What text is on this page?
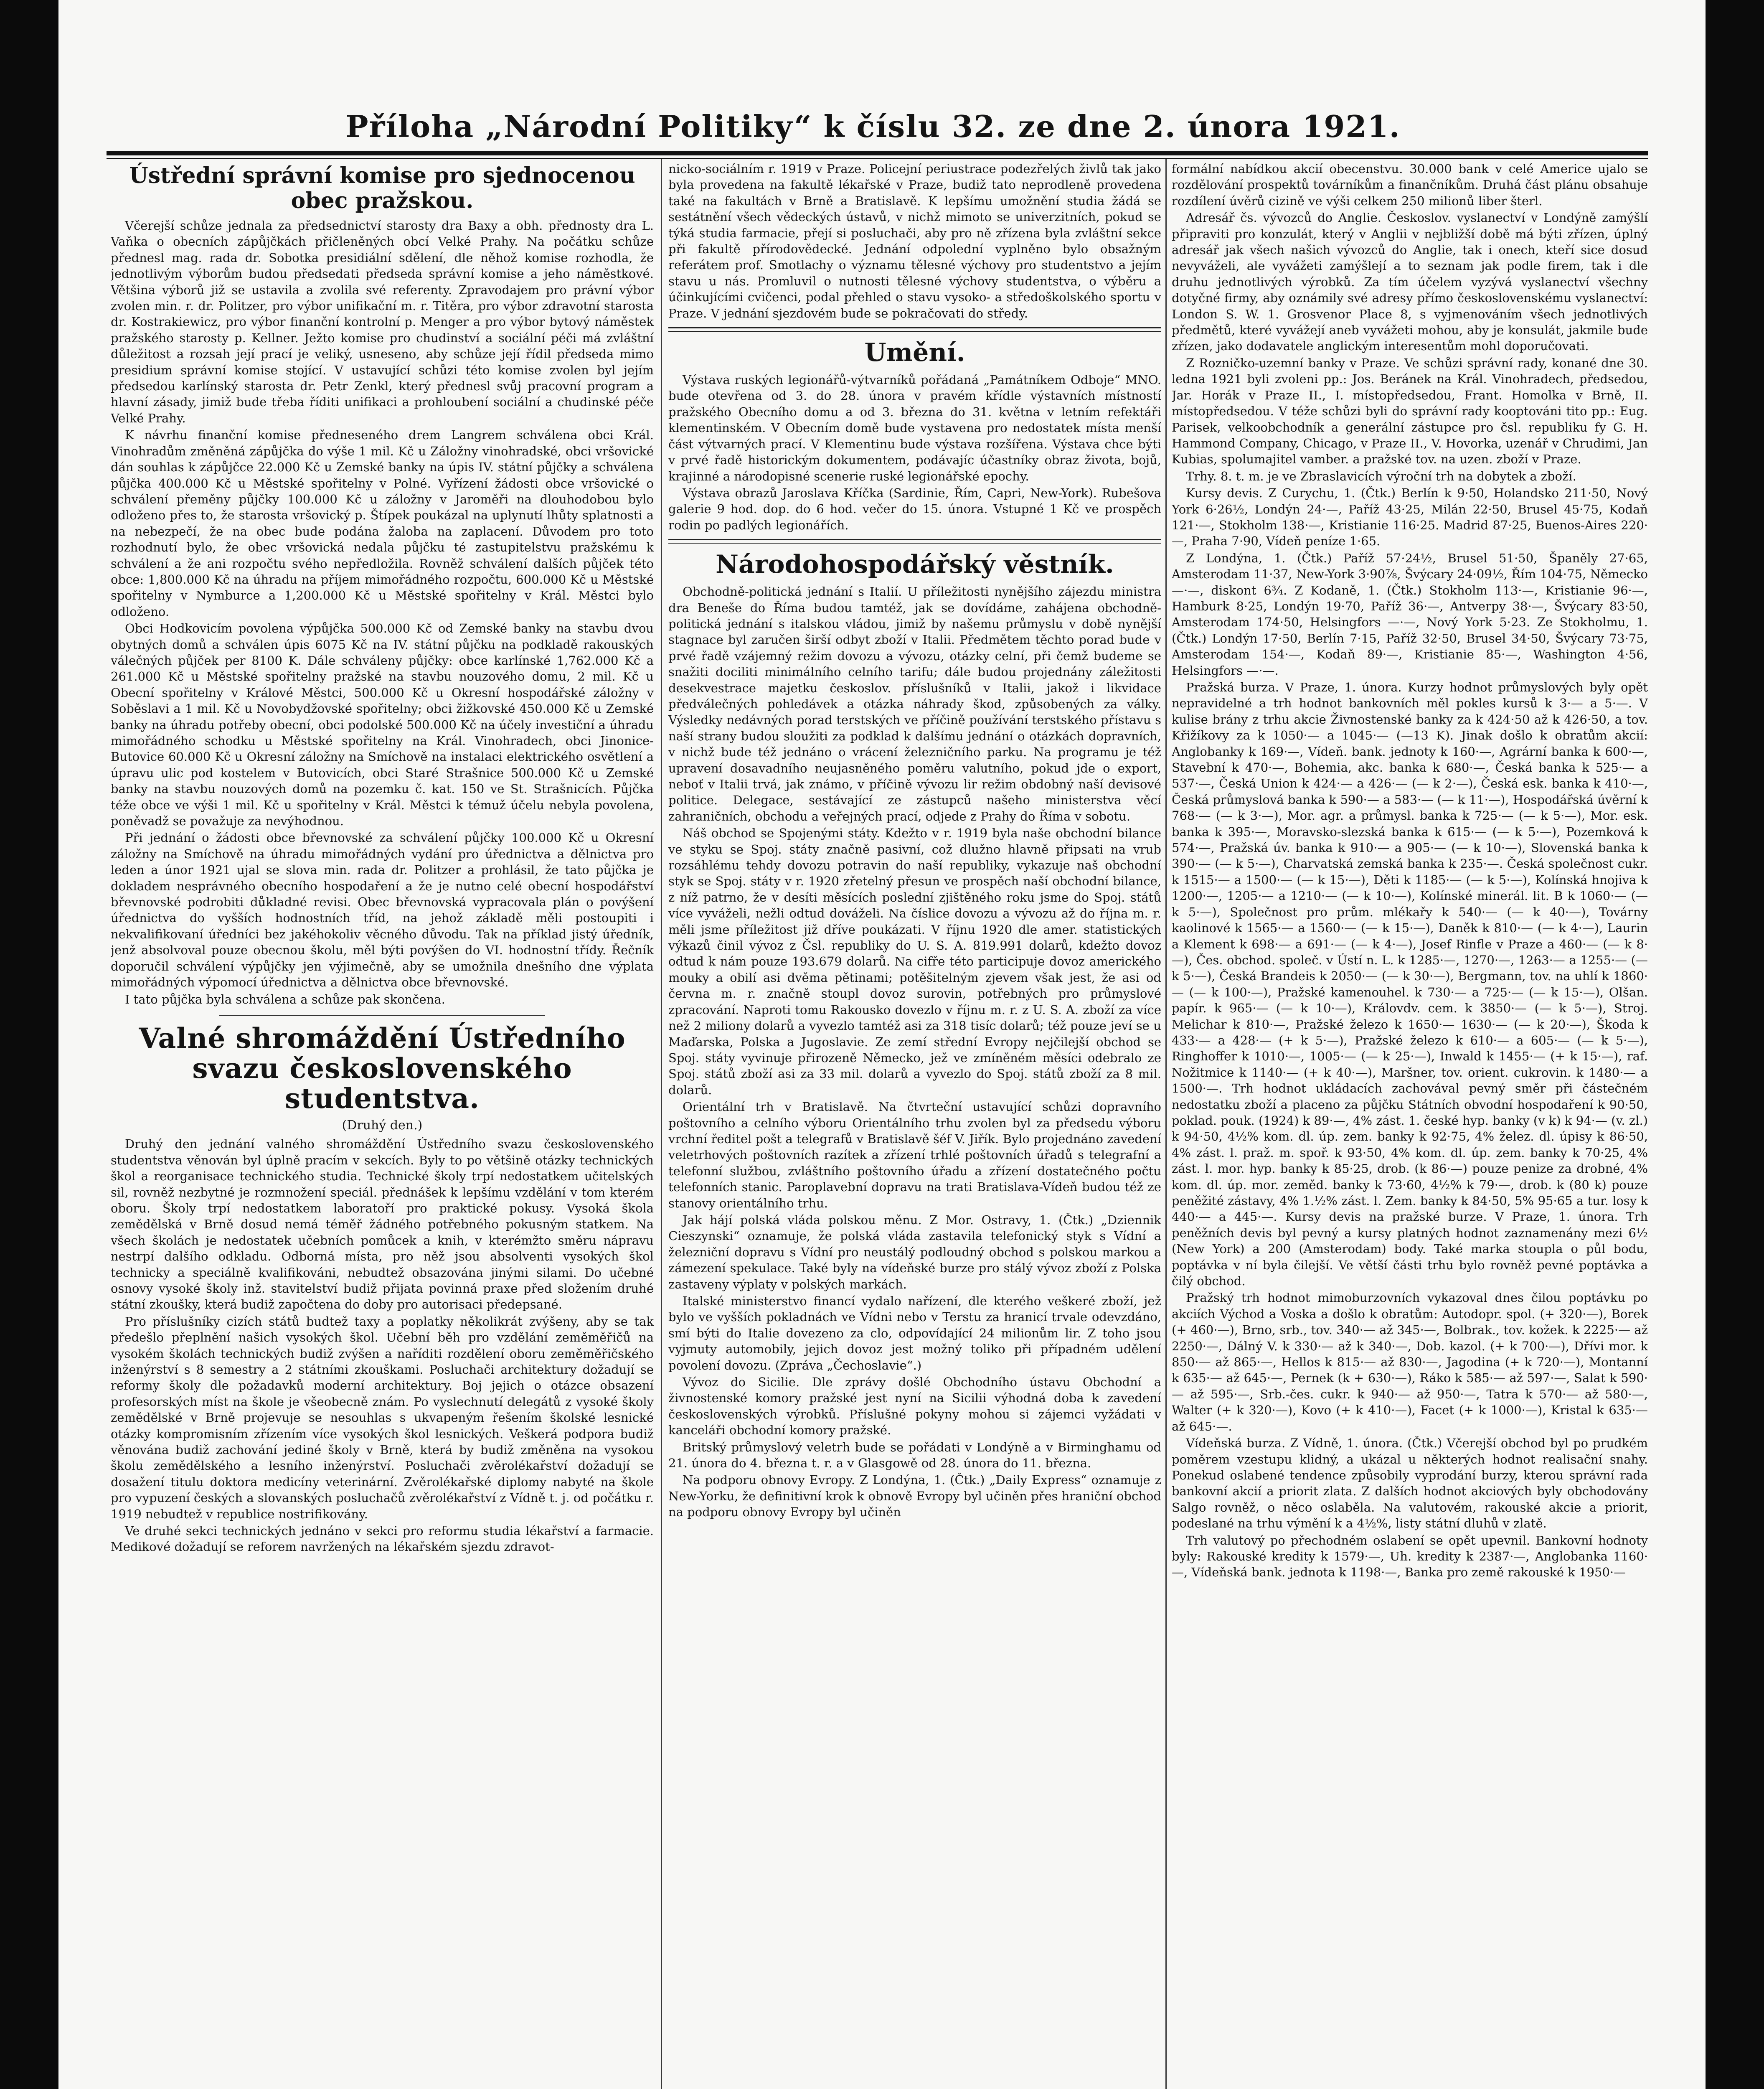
Příloha „Národní Politiky“ k číslu 32. ze dne 2. února 1921.
Ústřední správní komise pro sjednocenou obec pražskou.

Včerejší schůze jednala za předsednictví starosty dra Baxy a obh. přednosty dra L. Vaňka o obecních zápůjčkách přičleněných obcí Velké Prahy. Na počátku schůze přednesl mag. rada dr. Sobotka presidiální sdělení, dle něhož komise rozhodla, že jednotlivým výborům budou předsedati předseda správní komise a jeho náměstkové. Většina výborů již se ustavila a zvolila své referenty. Zpravodajem pro právní výbor zvolen min. r. dr. Politzer, pro výbor unifikační m. r. Titěra, pro výbor zdravotní starosta dr. Kostrakiewicz, pro výbor finanční kontrolní p. Menger a pro výbor bytový náměstek pražského starosty p. Kellner. Ježto komise pro chudinství a sociální péči má zvláštní důležitost a rozsah její prací je veliký, usneseno, aby schůze její řídil předseda mimo presidium správní komise stojící. V ustavující schůzi této komise zvolen byl jejím předsedou karlínský starosta dr. Petr Zenkl, který přednesl svůj pracovní program a hlavní zásady, jimiž bude třeba říditi unifikaci a prohloubení sociální a chudinské péče Velké Prahy.

K návrhu finanční komise předneseného drem Langrem schválena obci Král. Vinohradům změněná zápůjčka do výše 1 mil. Kč u Záložny vinohradské, obci vršovické dán souhlas k zápůjčce 22.000 Kč u Zemské banky na úpis IV. státní půjčky a schválena půjčka 400.000 Kč u Městské spořitelny v Polné. Vyřízení žádosti obce vršovické o schválení přeměny půjčky 100.000 Kč u záložny v Jaroměři na dlouhodobou bylo odloženo přes to, že starosta vršovický p. Štípek poukázal na uplynutí lhůty splatnosti a na nebezpečí, že na obec bude podána žaloba na zaplacení. Důvodem pro toto rozhodnutí bylo, že obec vršovická nedala půjčku té zastupitelstvu pražskému k schválení a že ani rozpočtu svého nepředložila. Rovněž schválení dalších půjček této obce: 1,800.000 Kč na úhradu na příjem mimořádného rozpočtu, 600.000 Kč u Městské spořitelny v Nymburce a 1,200.000 Kč u Městské spořitelny v Král. Městci bylo odloženo.

Obci Hodkovicím povolena výpůjčka 500.000 Kč od Zemské banky na stavbu dvou obytných domů a schválen úpis 6075 Kč na IV. státní půjčku na podkladě rakouských válečných půjček per 8100 K. Dále schváleny půjčky: obce karlínské 1,762.000 Kč a 261.000 Kč u Městské spořitelny pražské na stavbu nouzového domu, 2 mil. Kč u Obecní spořitelny v Králové Městci, 500.000 Kč u Okresní hospodářské záložny v Soběslavi a 1 mil. Kč u Novobydžovské spořitelny; obci žižkovské 450.000 Kč u Zemské banky na úhradu potřeby obecní, obci podolské 500.000 Kč na účely investiční a úhradu mimořádného schodku u Městské spořitelny na Král. Vinohradech, obci Jinonice-Butovice 60.000 Kč u Okresní záložny na Smíchově na instalaci elektrického osvětlení a úpravu ulic pod kostelem v Butovicích, obci Staré Strašnice 500.000 Kč u Zemské banky na stavbu nouzových domů na pozemku č. kat. 150 ve St. Strašnicích. Půjčka téže obce ve výši 1 mil. Kč u spořitelny v Král. Městci k témuž účelu nebyla povolena, poněvadž se považuje za nevýhodnou.

Při jednání o žádosti obce břevnovské za schválení půjčky 100.000 Kč u Okresní záložny na Smíchově na úhradu mimořádných vydání pro úřednictva a dělnictva pro leden a únor 1921 ujal se slova min. rada dr. Politzer a prohlásil, že tato půjčka je dokladem nesprávného obecního hospodaření a že je nutno celé obecní hospodářství břevnovské podrobiti důkladné revisi. Obec břevnovská vypracovala plán o povýšení úřednictva do vyšších hodnostních tříd, na jehož základě měli postoupiti i nekvalifikovaní úředníci bez jakéhokoliv věcného důvodu. Tak na příklad jistý úředník, jenž absolvoval pouze obecnou školu, měl býti povýšen do VI. hodnostní třídy. Řečník doporučil schválení výpůjčky jen výjimečně, aby se umožnila dnešního dne výplata mimořádných výpomocí úřednictva a dělnictva obce břevnovské.

I tato půjčka byla schválena a schůze pak skončena.

Valné shromáždění Ústředního svazu československého studentstva.
(Druhý den.)

Druhý den jednání valného shromáždění Ústředního svazu československého studentstva věnován byl úplně pracím v sekcích. Byly to po většině otázky technických škol a reorganisace technického studia. Technické školy trpí nedostatkem učitelských sil, rovněž nezbytné je rozmnožení speciál. přednášek k lepšímu vzdělání v tom kterém oboru. Školy trpí nedostatkem laboratoří pro praktické pokusy. Vysoká škola zemědělská v Brně dosud nemá téměř žádného potřebného pokusným statkem. Na všech školách je nedostatek učebních pomůcek a knih, v kterémžto směru nápravu nestrpí dalšího odkladu. Odborná místa, pro něž jsou absolventi vysokých škol technicky a speciálně kvalifikováni, nebudtež obsazována jinými silami. Do učebné osnovy vysoké školy inž. stavitelství budiž přijata povinná praxe před složením druhé státní zkoušky, která budiž započtena do doby pro autorisaci předepsané.

Pro příslušníky cizích států budtež taxy a poplatky několikrát zvýšeny, aby se tak předešlo přeplnění našich vysokých škol. Učební běh pro vzdělání zeměměřičů na vysokém školách technických budiž zvýšen a naříditi rozdělení oboru zeměměřičského inženýrství s 8 semestry a 2 státními zkouškami. Posluchači architektury dožadují se reformy školy dle požadavků moderní architektury. Boj jejich o otázce obsazení profesorských míst na škole je všeobecně znám. Po vyslechnutí delegátů z vysoké školy zemědělské v Brně projevuje se nesouhlas s ukvapeným řešením školské lesnické otázky kompromisním zřízením více vysokých škol lesnických. Veškerá podpora budiž věnována budiž zachování jediné školy v Brně, která by budiž změněna na vysokou školu zemědělského a lesního inženýrství. Posluchači zvěrolékařství dožadují se dosažení titulu doktora medicíny veterinární. Zvěrolékařské diplomy nabyté na škole pro vypuzení českých a slovanských posluchačů zvěrolékařství z Vídně t. j. od počátku r. 1919 nebudtež v republice nostrifikovány.

Ve druhé sekci technických jednáno v sekci pro reformu studia lékařství a farmacie. Medikové dožadují se reforem navržených na lékařském sjezdu zdravot-

nicko-sociálním r. 1919 v Praze. Policejní periustrace podezřelých živlů tak jako byla provedena na fakultě lékařské v Praze, budiž tato neprodleně provedena také na fakultách v Brně a Bratislavě. K lepšímu umožnění studia žádá se sestátnění všech vědeckých ústavů, v nichž mimoto se univerzitních, pokud se týká studia farmacie, přejí si posluchači, aby pro ně zřízena byla zvláštní sekce při fakultě přírodovědecké. Jednání odpolední vyplněno bylo obsažným referátem prof. Smotlachy o významu tělesné výchovy pro studentstvo a jejím stavu u nás. Promluvil o nutnosti tělesné výchovy studentstva, o výběru a účinkujícími cvičenci, podal přehled o stavu vysoko- a středoškolského sportu v Praze. V jednání sjezdovém bude se pokračovati do středy.

Umění.

Výstava ruských legionářů-výtvarníků pořádaná „Památníkem Odboje“ MNO. bude otevřena od 3. do 28. února v pravém křídle výstavních místností pražského Obecního domu a od 3. března do 31. května v letním refektáři klementinském. V Obecním domě bude vystavena pro nedostatek místa menší část výtvarných prací. V Klementinu bude výstava rozšířena. Výstava chce býti v prvé řadě historickým dokumentem, podávajíc účastníky obraz života, bojů, krajinné a národopisné scenerie ruské legionářské epochy.

Výstava obrazů Jaroslava Kříčka (Sardinie, Řím, Capri, New-York). Rubešova galerie 9 hod. dop. do 6 hod. večer do 15. února. Vstupné 1 Kč ve prospěch rodin po padlých legionářích.

Národohospodářský věstník.

Obchodně-politická jednání s Italií. U příležitosti nynějšího zájezdu ministra dra Beneše do Říma budou tamtéž, jak se dovídáme, zahájena obchodně-politická jednání s italskou vládou, jimiž by našemu průmyslu v době nynější stagnace byl zaručen širší odbyt zboží v Italii. Předmětem těchto porad bude v prvé řadě vzájemný režim dovozu a vývozu, otázky celní, při čemž budeme se snažiti dociliti minimálního celního tarifu; dále budou projednány záležitosti desekvestrace majetku českoslov. příslušníků v Italii, jakož i likvidace předválečných pohledávek a otázka náhrady škod, způsobených za války. Výsledky nedávných porad terstských ve příčině používání terstského přístavu s naší strany budou sloužiti za podklad k dalšímu jednání o otázkách dopravních, v nichž bude též jednáno o vrácení železničního parku. Na programu je též upravení dosavadního neujasněného poměru valutního, pokud jde o export, neboť v Italii trvá, jak známo, v příčině vývozu lir režim obdobný naší devisové politice. Delegace, sestávající ze zástupců našeho ministerstva věcí zahraničních, obchodu a veřejných prací, odjede z Prahy do Říma v sobotu.

Náš obchod se Spojenými státy. Kdežto v r. 1919 byla naše obchodní bilance ve styku se Spoj. státy značně pasivní, což dlužno hlavně připsati na vrub rozsáhlému tehdy dovozu potravin do naší republiky, vykazuje naš obchodní styk se Spoj. státy v r. 1920 zřetelný přesun ve prospěch naší obchodní bilance, z níž patrno, že v desíti měsících poslední zjištěného roku jsme do Spoj. států více vyváželi, nežli odtud dováželi. Na číslice dovozu a vývozu až do října m. r. měli jsme příležitost již dříve poukázati. V říjnu 1920 dle amer. statistických výkazů činil vývoz z Čsl. republiky do U. S. A. 819.991 dolarů, kdežto dovoz odtud k nám pouze 193.679 dolarů. Na cifře této participuje dovoz amerického mouky a obilí asi dvěma pětinami; potěšitelným zjevem však jest, že asi od června m. r. značně stoupl dovoz surovin, potřebných pro průmyslové zpracování. Naproti tomu Rakousko dovezlo v říjnu m. r. z U. S. A. zboží za více než 2 miliony dolarů a vyvezlo tamtéž asi za 318 tisíc dolarů; též pouze jeví se u Maďarska, Polska a Jugoslavie. Ze zemí střední Evropy nejčilejší obchod se Spoj. státy vyvinuje přirozeně Německo, jež ve zmíněném měsíci odebralo ze Spoj. států zboží asi za 33 mil. dolarů a vyvezlo do Spoj. států zboží za 8 mil. dolarů.

Orientální trh v Bratislavě. Na čtvrteční ustavující schůzi dopravního poštovního a celního výboru Orientálního trhu zvolen byl za předsedu výboru vrchní ředitel pošt a telegrafů v Bratislavě šéf V. Jiřík. Bylo projednáno zavedení veletrhových poštovních razítek a zřízení trhlé poštovních úřadů s telegrafní a telefonní službou, zvláštního poštovního úřadu a zřízení dostatečného počtu telefonních stanic. Paroplavební dopravu na trati Bratislava-Vídeň budou též ze stanovy orientálního trhu.

Jak hájí polská vláda polskou měnu. Z Mor. Ostravy, 1. (Čtk.) „Dziennik Cieszynski“ oznamuje, že polská vláda zastavila telefonický styk s Vídní a železniční dopravu s Vídní pro neustálý podloudný obchod s polskou markou a zámezení spekulace. Také byly na vídeňské burze pro stálý vývoz zboží z Polska zastaveny výplaty v polských markách.

Italské ministerstvo financí vydalo nařízení, dle kterého veškeré zboží, jež bylo ve vyšších pokladnách ve Vídni nebo v Terstu za hranicí trvale odevzdáno, smí býti do Italie dovezeno za clo, odpovídající 24 milionům lir. Z toho jsou vyjmuty automobily, jejich dovoz jest možný toliko při případném udělení povolení dovozu. (Zpráva „Čechoslavie“.)

Vývoz do Sicilie. Dle zprávy došlé Obchodního ústavu Obchodní a živnostenské komory pražské jest nyní na Sicilii výhodná doba k zavedení československých výrobků. Příslušné pokyny mohou si zájemci vyžádati v kanceláři obchodní komory pražské.

Britský průmyslový veletrh bude se pořádati v Londýně a v Birminghamu od 21. února do 4. března t. r. a v Glasgowě od 28. února do 11. března.

Na podporu obnovy Evropy. Z Londýna, 1. (Čtk.) „Daily Express“ oznamuje z New-Yorku, že definitivní krok k obnově Evropy byl učiněn přes hraniční obchod na podporu obnovy Evropy byl učiněn

formální nabídkou akcií obecenstvu. 30.000 bank v celé Americe ujalo se rozdělování prospektů továrníkům a finančníkům. Druhá část plánu obsahuje rozdílení úvěrů cizině ve výši celkem 250 milionů liber šterl.

Adresář čs. vývozců do Anglie. Českoslov. vyslanectví v Londýně zamýšlí připraviti pro konzulát, který v Anglii v nejbližší době má býti zřízen, úplný adresář jak všech našich vývozců do Anglie, tak i onech, kteří sice dosud nevyváželi, ale vyvážeti zamýšlejí a to seznam jak podle firem, tak i dle druhu jednotlivých výrobků. Za tím účelem vyzývá vyslanectví všechny dotyčné firmy, aby oznámily své adresy přímo československému vyslanectví: London S. W. 1. Grosvenor Place 8, s vyjmenováním všech jednotlivých předmětů, které vyvážejí aneb vyvážeti mohou, aby je konsulát, jakmile bude zřízen, jako dodavatele anglickým interesentům mohl doporučovati.

Z Rozničko-uzemní banky v Praze. Ve schůzi správní rady, konané dne 30. ledna 1921 byli zvoleni pp.: Jos. Beránek na Král. Vinohradech, předsedou, Jar. Horák v Praze II., I. místopředsedou, Frant. Homolka v Brně, II. místopředsedou. V téže schůzi byli do správní rady kooptováni tito pp.: Eug. Parisek, velkoobchodník a generální zástupce pro čsl. republiku fy G. H. Hammond Company, Chicago, v Praze II., V. Hovorka, uzenář v Chrudimi, Jan Kubias, spolumajitel vamber. a pražské tov. na uzen. zboží v Praze.

Trhy. 8. t. m. je ve Zbraslavicích výroční trh na dobytek a zboží.

Kursy devis. Z Curychu, 1. (Čtk.) Berlín k 9·50, Holandsko 211·50, Nový York 6·26½, Londýn 24·—, Paříž 43·25, Milán 22·50, Brusel 45·75, Kodaň 121·—, Stokholm 138·—, Kristianie 116·25. Madrid 87·25, Buenos-Aires 220·—, Praha 7·90, Vídeň peníze 1·65.

Z Londýna, 1. (Čtk.) Paříž 57·24½, Brusel 51·50, Španěly 27·65, Amsterodam 11·37, New-York 3·90⅞, Švýcary 24·09½, Řím 104·75, Německo —·—, diskont 6¾. Z Kodaně, 1. (Čtk.) Stokholm 113·—, Kristianie 96·—, Hamburk 8·25, Londýn 19·70, Paříž 36·—, Antverpy 38·—, Švýcary 83·50, Amsterodam 174·50, Helsingfors —·—, Nový York 5·23. Ze Stokholmu, 1. (Čtk.) Londýn 17·50, Berlín 7·15, Paříž 32·50, Brusel 34·50, Švýcary 73·75, Amsterodam 154·—, Kodaň 89·—, Kristianie 85·—, Washington 4·56, Helsingfors —·—.

Pražská burza. V Praze, 1. února. Kurzy hodnot průmyslových byly opět nepravidelné a trh hodnot bankovních měl pokles kursů k 3·— a 5·—. V kulise brány z trhu akcie Živnostenské banky za k 424·50 až k 426·50, a tov. Křižíkovy za k 1050·— a 1045·— (—13 K). Jinak došlo k obratům akcií: Anglobanky k 169·—, Vídeň. bank. jednoty k 160·—, Agrární banka k 600·—, Stavební k 470·—, Bohemia, akc. banka k 680·—, Česká banka k 525·— a 537·—, Česká Union k 424·— a 426·— (— k 2·—), Česká esk. banka k 410·—, Česká průmyslová banka k 590·— a 583·— (— k 11·—), Hospodářská úvěrní k 768·— (— k 3·—), Mor. agr. a průmysl. banka k 725·— (— k 5·—), Mor. esk. banka k 395·—, Moravsko-slezská banka k 615·— (— k 5·—), Pozemková k 574·—, Pražská úv. banka k 910·— a 905·— (— k 10·—), Slovenská banka k 390·— (— k 5·—), Charvatská zemská banka k 235·—. Česká společnost cukr. k 1515·— a 1500·— (— k 15·—), Děti k 1185·— (— k 5·—), Kolínská hnojiva k 1200·—, 1205·— a 1210·— (— k 10·—), Kolínské minerál. lit. B k 1060·— (— k 5·—), Společnost pro prům. mlékařy k 540·— (— k 40·—), Továrny kaolinové k 1565·— a 1560·— (— k 15·—), Daněk k 810·— (— k 4·—), Laurin a Klement k 698·— a 691·— (— k 4·—), Josef Rinfle v Praze a 460·— (— k 8·—), Čes. obchod. společ. v Ústí n. L. k 1285·—, 1270·—, 1263·— a 1255·— (— k 5·—), Česká Brandeis k 2050·— (— k 30·—), Bergmann, tov. na uhlí k 1860·— (— k 100·—), Pražské kamenouhel. k 730·— a 725·— (— k 15·—), Olšan. papír. k 965·— (— k 10·—), Královdv. cem. k 3850·— (— k 5·—), Stroj. Melichar k 810·—, Pražské železo k 1650·— 1630·— (— k 20·—), Škoda k 433·— a 428·— (+ k 5·—), Pražské železo k 610·— a 605·— (— k 5·—), Ringhoffer k 1010·—, 1005·— (— k 25·—), Inwald k 1455·— (+ k 15·—), raf. Nožitmice k 1140·— (+ k 40·—), Maršner, tov. orient. cukrovin. k 1480·— a 1500·—. Trh hodnot ukládacích zachovával pevný směr při částečném nedostatku zboží a placeno za půjčku Státních obvodní hospodaření k 90·50, poklad. pouk. (1924) k 89·—, 4% zást. 1. české hyp. banky (v k) k 94·— (v. zl.) k 94·50, 4½% kom. dl. úp. zem. banky k 92·75, 4% želez. dl. úpisy k 86·50, 4% zást. l. praž. m. spoř. k 93·50, 4% kom. dl. úp. zem. banky k 70·25, 4% zást. l. mor. hyp. banky k 85·25, drob. (k 86·—) pouze penize za drobné, 4% kom. dl. úp. mor. zeměd. banky k 73·60, 4½% k 79·—, drob. k (80 k) pouze peněžité zástavy, 4% 1.½% zást. l. Zem. banky k 84·50, 5% 95·65 a tur. losy k 440·— a 445·—. Kursy devis na pražské burze. V Praze, 1. února. Trh peněžních devis byl pevný a kursy platných hodnot zaznamenány mezi 6½ (New York) a 200 (Amsterodam) body. Také marka stoupla o půl bodu, poptávka v ní byla čilejší. Ve větší části trhu bylo rovněž pevné poptávka a čilý obchod.

Pražský trh hodnot mimoburzovních vykazoval dnes čilou poptávku po akciích Východ a Voska a došlo k obratům: Autodopr. spol. (+ 320·—), Borek (+ 460·—), Brno, srb., tov. 340·— až 345·—, Bolbrak., tov. kožek. k 2225·— až 2250·—, Dálný V. k 330·— až k 340·—, Dob. kazol. (+ k 700·—), Dřívi mor. k 850·— až 865·—, Hellos k 815·— až 830·—, Jagodina (+ k 720·—), Montanní k 635·— až 645·—, Pernek (k + 630·—), Ráko k 585·— až 597·—, Salat k 590·— až 595·—, Srb.-čes. cukr. k 940·— až 950·—, Tatra k 570·— až 580·—, Walter (+ k 320·—), Kovo (+ k 410·—), Facet (+ k 1000·—), Kristal k 635·— až 645·—.

Vídeňská burza. Z Vídně, 1. února. (Čtk.) Včerejší obchod byl po prudkém poměrem vzestupu klidný, a ukázal u některých hodnot realisační snahy. Ponekud oslabené tendence způsobily vyprodání burzy, kterou správní rada bankovní akcií a priorit zlata. Z dalších hodnot akciových byly obchodovány Salgo rovněž, o něco oslaběla. Na valutovém, rakouské akcie a priorit, podeslané na trhu výmění k a 4½%, listy státní dluhů v zlatě.

Trh valutový po přechodném oslabení se opět upevnil. Bankovní hodnoty byly: Rakouské kredity k 1579·—, Uh. kredity k 2387·—, Anglobanka 1160·—, Vídeňská bank. jednota k 1198·—, Banka pro země rakouské k 1950·—
